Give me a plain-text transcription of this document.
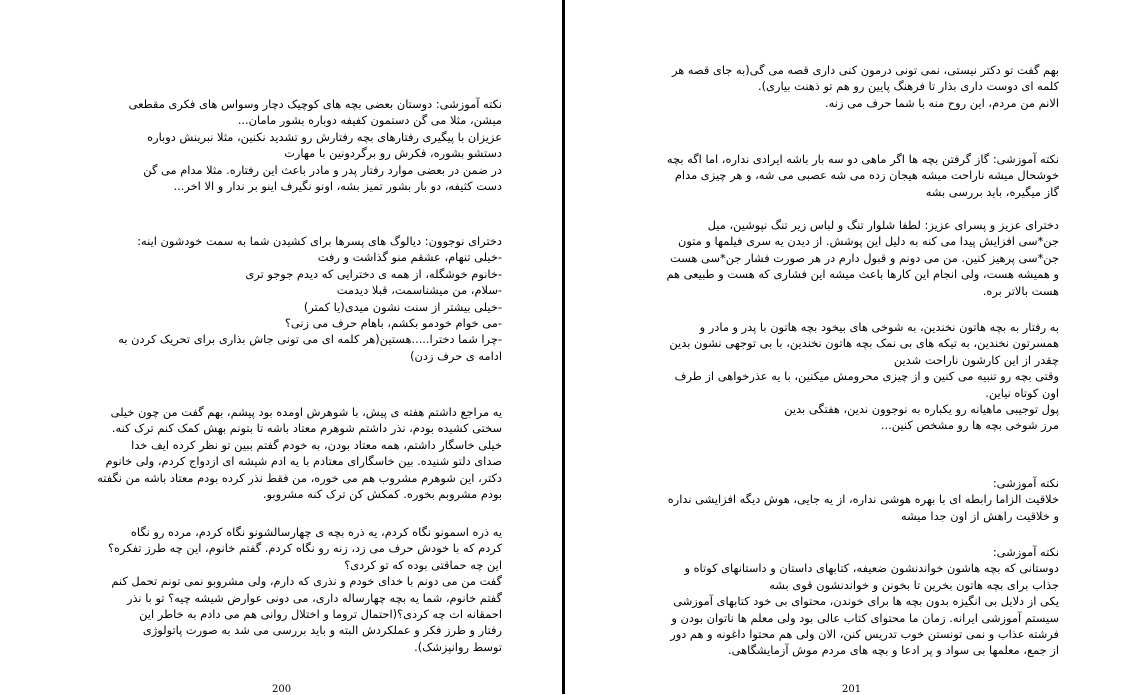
نکته آموزشی: دوستان بعضی بچه های کوچیک دچار وسواس های فکری مقطعی
میشن، مثلا می گن دستمون کفیفه دوباره بشور مامان...
عزیزان با پیگیری رفتارهای بچه رفتارش رو تشدید نکنین، مثلا نبرینش دوباره
دستشو بشوره، فکرش رو برگردونین با مهارت
در ضمن در بعضی موارد رفتار پدر و مادر باعث این رفتاره. مثلا مدام می گن
دست کثیفه، دو بار بشور تمیز بشه، اونو نگیرف اینو بر ندار و الا اخر...
دخترای نوجوون: دیالوگ های پسرها برای کشیدن شما به سمت خودشون اینه:
-خیلی تنهام، عشقم منو گذاشت و رفت
-خانوم خوشگله، از همه ی دخترایی که دیدم جوجو تری
-سلام، من میشناسمت، قبلا دیدمت
-خیلی بیشتر از سنت نشون میدی(یا کمتر)
-می خوام خودمو بکشم، باهام حرف می زنی؟
-چرا شما دخترا.....هستین(هر کلمه ای می تونی جاش بذاری برای تحریک کردن به
ادامه ی حرف زدن)
یه مراجع داشتم هفته ی پیش، با شوهرش اومده بود پیشم، بهم گفت من چون خیلی
سختی کشیده بودم، نذر داشتم شوهرم معتاد باشه تا بتونم بهش کمک کنم ترک کنه.
خیلی خاسگار داشتم، همه معتاد بودن، به خودم گفتم ببین تو نظر کرده ایف خدا
صدای دلتو شنیده. بین خاسگارای معتادم با یه ادم شیشه ای ازدواج کردم، ولی خانوم
دکتر، این شوهرم مشروب هم می خوره، من فقط نذر کرده بودم معتاد باشه من نگفته
بودم مشروبم بخوره. کمکش کن ترک کنه مشروبو.
یه ذره اسمونو نگاه کردم، یه ذره بچه ی چهارسالشونو نگاه کردم، مرده رو نگاه
کردم که با خودش حرف می زد، زنه رو نگاه کردم. گفتم خانوم، این چه طرز تفکره؟
این چه حماقتی بوده که تو کردی؟
گفت من می دونم با خدای خودم و نذری که دارم، ولی مشروبو نمی تونم تحمل کنم
گفتم خانوم، شما یه بچه چهارساله داری، می دونی عوارض شیشه چیه؟ تو با نذر
احمقانه ات چه کردی؟(احتمال تروما و اختلال روانی هم می دادم به خاطر این
رفتار و طرز فکر و عملکردش البته و باید بررسی می شد به صورت پاتولوژی
توسط روانپزشک).
200
بهم گفت تو دکتر نیستی، نمی تونی درمون کنی داری قصه می گی(به جای قصه هر
کلمه ای دوست داری بذار تا فرهنگ پایین رو هم تو ذهنت بیاری).
الانم من مردم، این روح منه با شما حرف می زنه.
نکته آموزشی: گاز گرفتن بچه ها اگر ماهی دو سه بار باشه ایرادی نداره، اما اگه بچه
خوشحال میشه ناراحت میشه هیجان زده می شه عصبی می شه، و هر چیزی مدام
گاز میگیره، باید بررسی بشه
دخترای عزیز و پسرای عزیز: لطفا شلوار تنگ و لباس زیر تنگ نپوشین، میل
جن*سی افزایش پیدا می کنه به دلیل این پوشش. از دیدن یه سری فیلمها و متون
جن*سی پرهیز کنین. من می دونم و قبول دارم در هر صورت فشار جن*سی هست
و همیشه هست، ولی انجام این کارها باعث میشه این فشاری که هست و طبیعی هم
هست بالاتر بره.
به رفتار به بچه هاتون نخندین، به شوخی های بیخود بچه هاتون با پدر و مادر و
همسرتون نخندین، به تیکه های بی نمک بچه هاتون نخندین، با بی توجهی نشون بدین
چقدر از این کارشون ناراحت شدین
وقتی بچه رو تنبیه می کنین و از چیزی محرومش میکنین، با یه عذرخواهی از طرف
اون کوتاه نیاین.
پول توجیبی ماهیانه رو یکباره به نوجوون ندین، هفتگی بدین
مرز شوخی بچه ها رو مشخص کنین...
نکته آموزشی:
خلاقیت الزاما رابطه ای با بهره هوشی نداره، از یه جایی، هوش دیگه افزایشی نداره
و خلاقیت راهش از اون جدا میشه
نکته آموزشی:
دوستانی که بچه هاشون خواندنشون ضعیفه، کتابهای داستان و داستانهای کوتاه و
جذاب برای بچه هاتون بخرین تا بخونن و خواندنشون قوی بشه
یکی از دلایل بی انگیزه بدون بچه ها برای خوندن، محتوای بی خود کتابهای آموزشی
سیستم آموزشی ایرانه. زمان ما محتوای کتاب عالی بود ولی معلم ها ناتوان بودن و
فرشته عذاب و نمی تونستن خوب تدریس کنن، الان ولی هم محتوا داغونه و هم دور
از جمع، معلمها بی سواد و پر ادعا و بچه های مردم موش آزمایشگاهی.
201
